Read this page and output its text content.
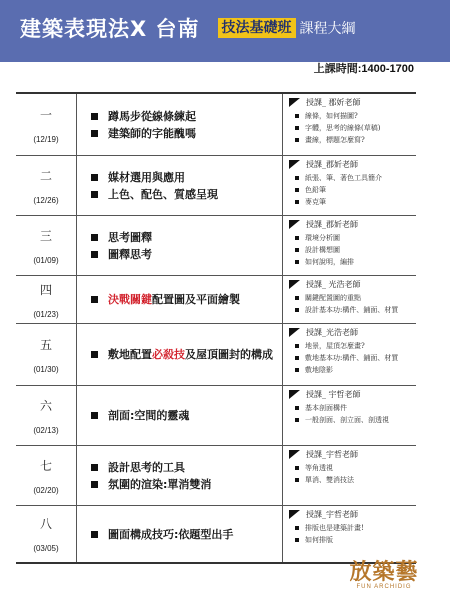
建築表現法X 台南 技法基礎班 課程大綱
上課時間:1400-1700
一
(12/19)
蹲馬步從線條練起
建築師的字能醜嗎
授課_ 郡妡老師
線條，如何描圖?
字體，思考的線條(草稿)
畫線，標題怎麼寫?
二
(12/26)
媒材選用與應用
上色、配色、質感呈現
授課_郡妡老師
紙張、筆、著色工具簡介
色鉛筆
麥克筆
三
(01/09)
思考圖釋
圖釋思考
授課_郡妡老師
環境分析圖
設計構想圖
如何說明，編排
四
(01/23)
決戰關鍵配置圖及平面繪製
授課_ 光浩老師
關鍵配置圖的重點
設計基本功:構件、鋪面、材質
五
(01/30)
敷地配置必殺技及屋頂圖封的構成
授課_光浩老師
地景，屋頂怎麼畫?
敷地基本功:構件、鋪面、材質
敷地陰影
六
(02/13)
剖面:空間的靈魂
授課_ 宇哲老師
基本剖面構件
一般剖面、剖立面、剖透視
七
(02/20)
設計思考的工具
氛圍的渲染:單消雙消
授課_宇哲老師
等角透視
單消、雙消技法
八
(03/05)
圖面構成技巧:依題型出手
授課_宇哲老師
排版也是建築計畫!
如何排版
放築藝
FUN ARCHIDIG
